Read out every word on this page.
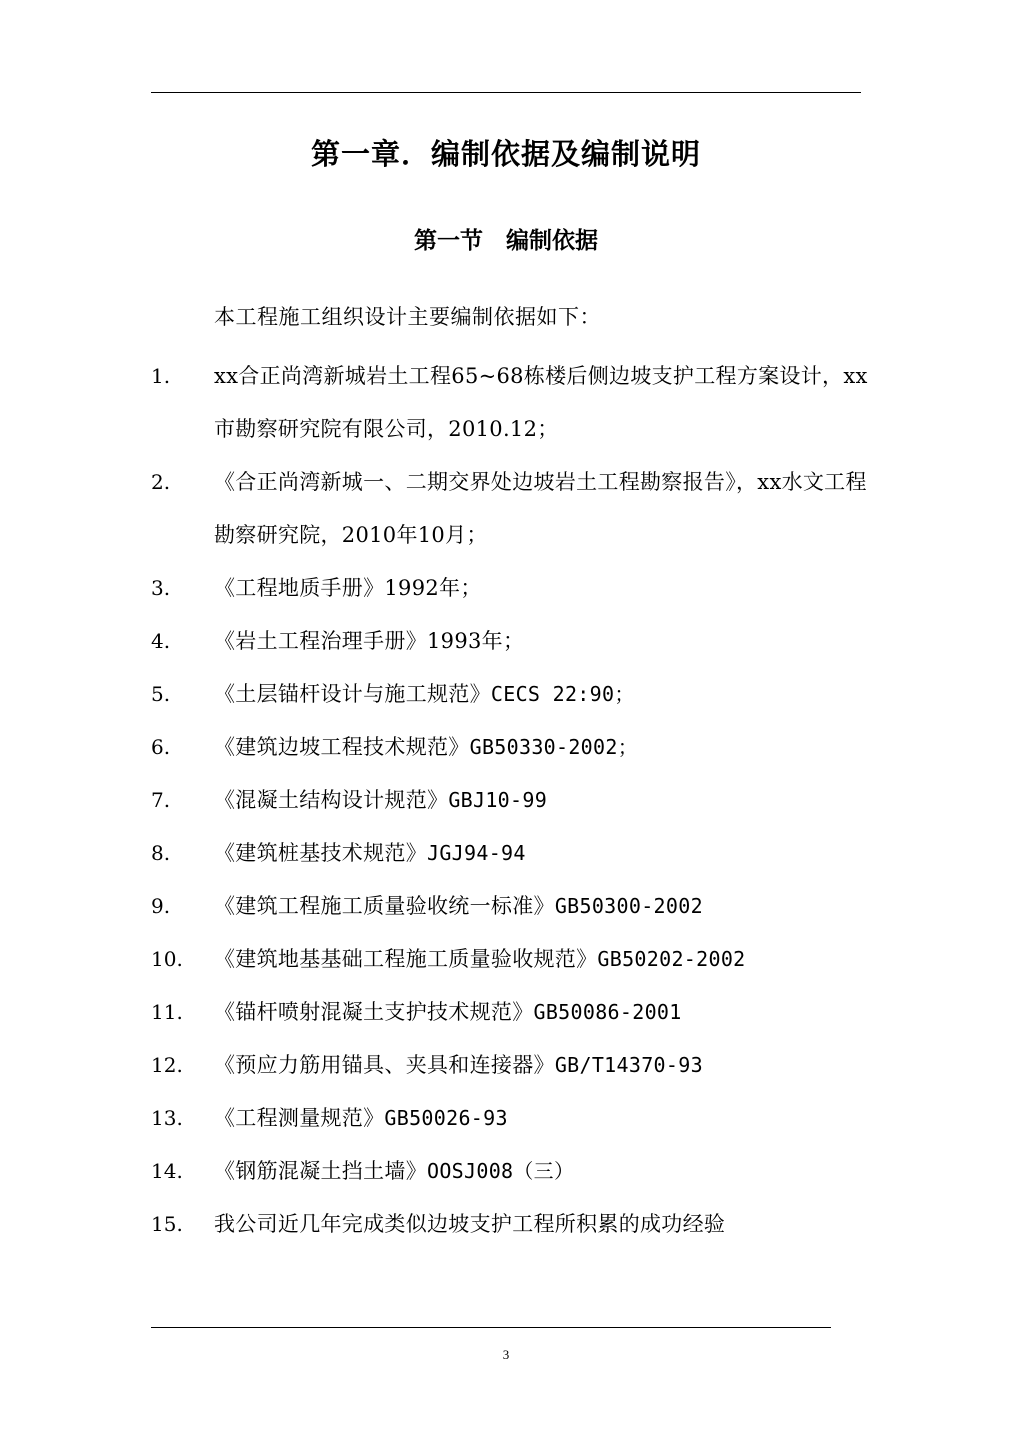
第一章．编制依据及编制说明
第一节　编制依据
本工程施工组织设计主要编制依据如下：
1. xx合正尚湾新城岩土工程65~68栋楼后侧边坡支护工程方案设计，xx市勘察研究院有限公司，2010.12；
2. 《合正尚湾新城一、二期交界处边坡岩土工程勘察报告》，xx水文工程勘察研究院，2010年10月；
3. 《工程地质手册》1992年；
4. 《岩土工程治理手册》1993年；
5. 《土层锚杆设计与施工规范》CECS 22:90；
6. 《建筑边坡工程技术规范》GB50330-2002；
7. 《混凝土结构设计规范》GBJ10-99
8. 《建筑桩基技术规范》JGJ94-94
9. 《建筑工程施工质量验收统一标准》GB50300-2002
10. 《建筑地基基础工程施工质量验收规范》GB50202-2002
11. 《锚杆喷射混凝土支护技术规范》GB50086-2001
12. 《预应力筋用锚具、夹具和连接器》GB/T14370-93
13. 《工程测量规范》GB50026-93
14. 《钢筋混凝土挡土墙》OOSJ008（三）
15. 我公司近几年完成类似边坡支护工程所积累的成功经验
3
